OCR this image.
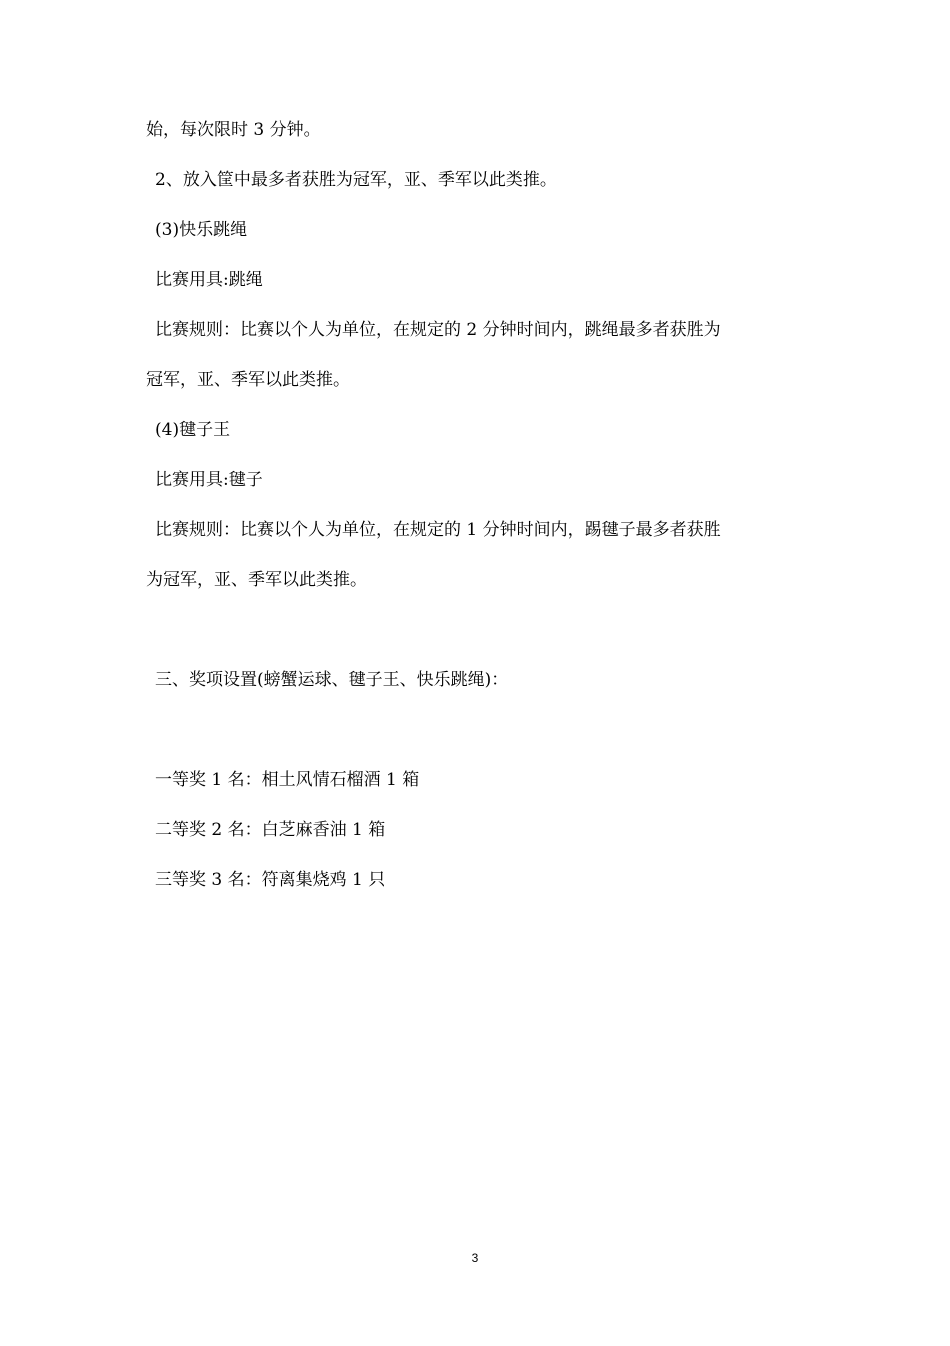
始，每次限时 3 分钟。

2、放入筐中最多者获胜为冠军，亚、季军以此类推。

(3)快乐跳绳

比赛用具:跳绳

比赛规则：比赛以个人为单位，在规定的 2 分钟时间内，跳绳最多者获胜为

冠军，亚、季军以此类推。

(4)毽子王

比赛用具:毽子

比赛规则：比赛以个人为单位，在规定的 1 分钟时间内，踢毽子最多者获胜

为冠军，亚、季军以此类推。

三、奖项设置(螃蟹运球、毽子王、快乐跳绳)：

一等奖 1 名：相土风情石榴酒 1 箱

二等奖 2 名：白芝麻香油 1 箱

三等奖 3 名：符离集烧鸡 1 只

3
